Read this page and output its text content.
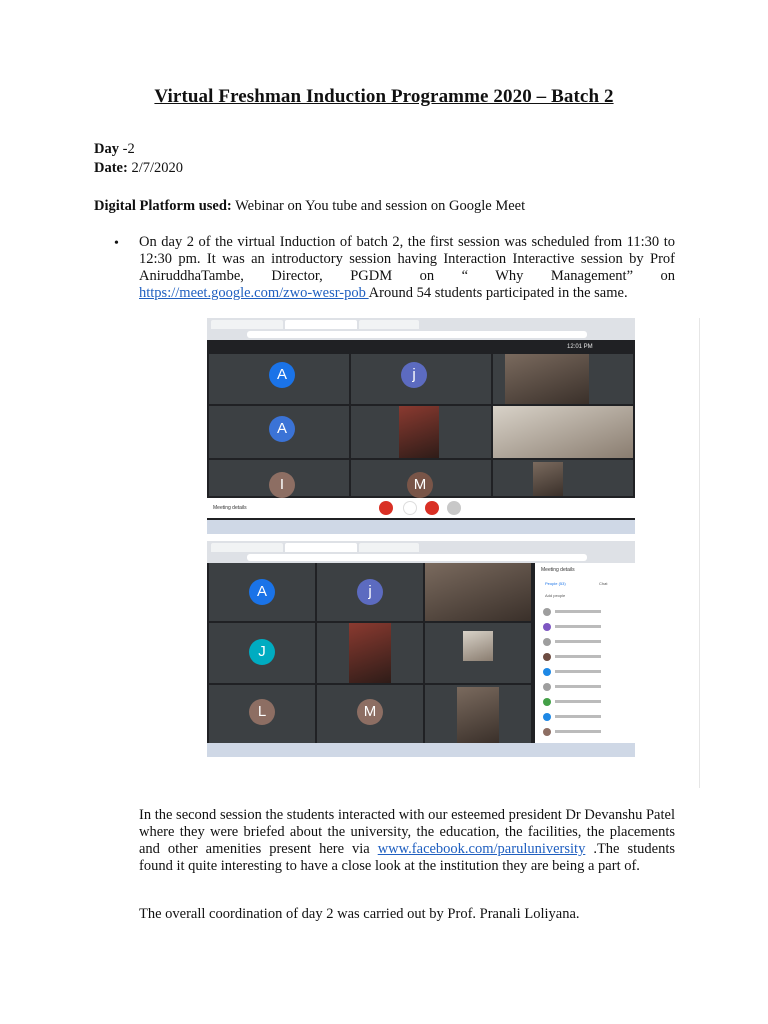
Virtual Freshman Induction Programme 2020 – Batch 2
Day -2
Date: 2/7/2020
Digital Platform used: Webinar on You tube and session on Google Meet
• On day 2 of the virtual Induction of batch 2, the first session was scheduled from 11:30 to 12:30 pm. It was an introductory session having Interaction Interactive session by Prof AniruddhaTambe, Director, PGDM on “ Why Management” on https://meet.google.com/zwo-wesr-pob Around 54 students participated in the same.
12:01 PM
A	j
A
I	M
Meeting details
A	j
J
L	M
Meeting details
People (53)	Chat
Add people
In the second session the students interacted with our esteemed president Dr Devanshu Patel where they were briefed about the university, the education, the facilities, the placements and other amenities present here via www.facebook.com/paruluniversity .The students found it quite interesting to have a close look at the institution they are being a part of.
The overall coordination of day 2 was carried out by Prof. Pranali Loliyana.
